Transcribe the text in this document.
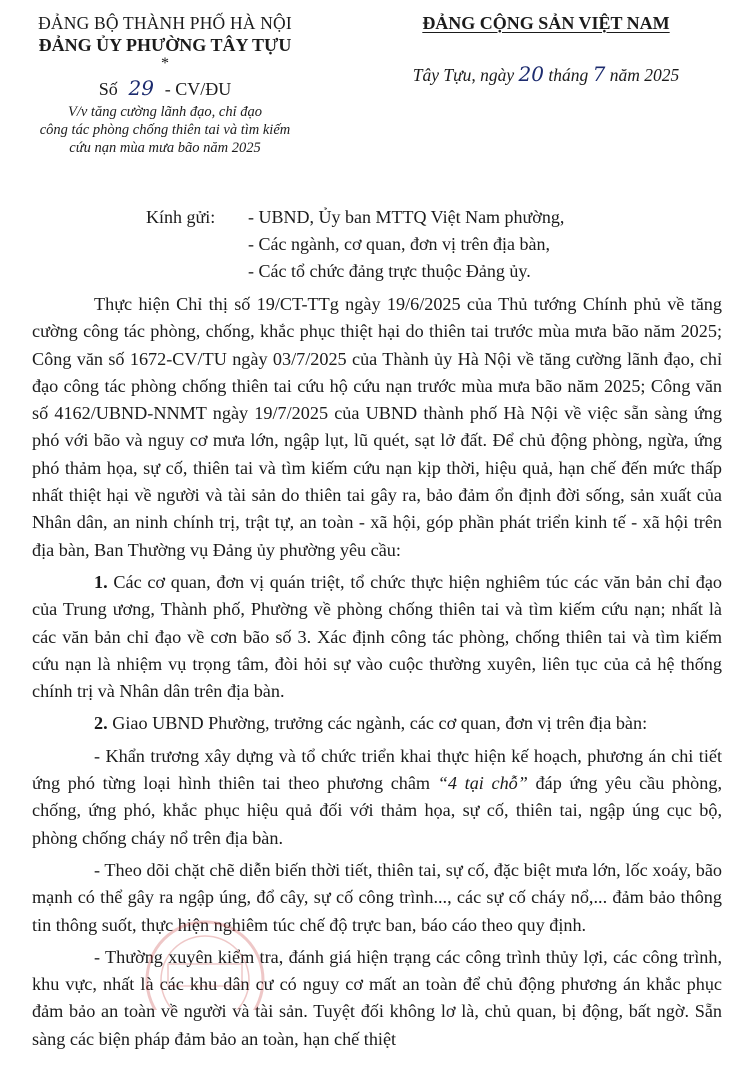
ĐẢNG BỘ THÀNH PHỐ HÀ NỘI
ĐẢNG ỦY PHƯỜNG TÂY TỰU
*
Số 29 - CV/ĐU
V/v tăng cường lãnh đạo, chỉ đạo
công tác phòng chống thiên tai và tìm kiếm
cứu nạn mùa mưa bão năm 2025
ĐẢNG CỘNG SẢN VIỆT NAM
Tây Tựu, ngày 20 tháng 7 năm 2025
Kính gửi: - UBND, Ủy ban MTTQ Việt Nam phường,
- Các ngành, cơ quan, đơn vị trên địa bàn,
- Các tổ chức đảng trực thuộc Đảng ủy.

Thực hiện Chỉ thị số 19/CT-TTg ngày 19/6/2025 của Thủ tướng Chính phủ về tăng cường công tác phòng, chống, khắc phục thiệt hại do thiên tai trước mùa mưa bão năm 2025; Công văn số 1672-CV/TU ngày 03/7/2025 của Thành ủy Hà Nội về tăng cường lãnh đạo, chỉ đạo công tác phòng chống thiên tai cứu hộ cứu nạn trước mùa mưa bão năm 2025; Công văn số 4162/UBND-NNMT ngày 19/7/2025 của UBND thành phố Hà Nội về việc sẵn sàng ứng phó với bão và nguy cơ mưa lớn, ngập lụt, lũ quét, sạt lở đất. Để chủ động phòng, ngừa, ứng phó thảm họa, sự cố, thiên tai và tìm kiếm cứu nạn kịp thời, hiệu quả, hạn chế đến mức thấp nhất thiệt hại về người và tài sản do thiên tai gây ra, bảo đảm ổn định đời sống, sản xuất của Nhân dân, an ninh chính trị, trật tự, an toàn - xã hội, góp phần phát triển kinh tế - xã hội trên địa bàn, Ban Thường vụ Đảng ủy phường yêu cầu:

1. Các cơ quan, đơn vị quán triệt, tổ chức thực hiện nghiêm túc các văn bản chỉ đạo của Trung ương, Thành phố, Phường về phòng chống thiên tai và tìm kiếm cứu nạn; nhất là các văn bản chỉ đạo về cơn bão số 3. Xác định công tác phòng, chống thiên tai và tìm kiếm cứu nạn là nhiệm vụ trọng tâm, đòi hỏi sự vào cuộc thường xuyên, liên tục của cả hệ thống chính trị và Nhân dân trên địa bàn.

2. Giao UBND Phường, trưởng các ngành, các cơ quan, đơn vị trên địa bàn:

- Khẩn trương xây dựng và tổ chức triển khai thực hiện kế hoạch, phương án chi tiết ứng phó từng loại hình thiên tai theo phương châm “4 tại chỗ” đáp ứng yêu cầu phòng, chống, ứng phó, khắc phục hiệu quả đối với thảm họa, sự cố, thiên tai, ngập úng cục bộ, phòng chống cháy nổ trên địa bàn.

- Theo dõi chặt chẽ diễn biến thời tiết, thiên tai, sự cố, đặc biệt mưa lớn, lốc xoáy, bão mạnh có thể gây ra ngập úng, đổ cây, sự cố công trình..., các sự cố cháy nổ,... đảm bảo thông tin thông suốt, thực hiện nghiêm túc chế độ trực ban, báo cáo theo quy định.

- Thường xuyên kiểm tra, đánh giá hiện trạng các công trình thủy lợi, các công trình, khu vực, nhất là các khu dân cư có nguy cơ mất an toàn để chủ động phương án khắc phục đảm bảo an toàn về người và tài sản. Tuyệt đối không lơ là, chủ quan, bị động, bất ngờ. Sẵn sàng các biện pháp đảm bảo an toàn, hạn chế thiệt
